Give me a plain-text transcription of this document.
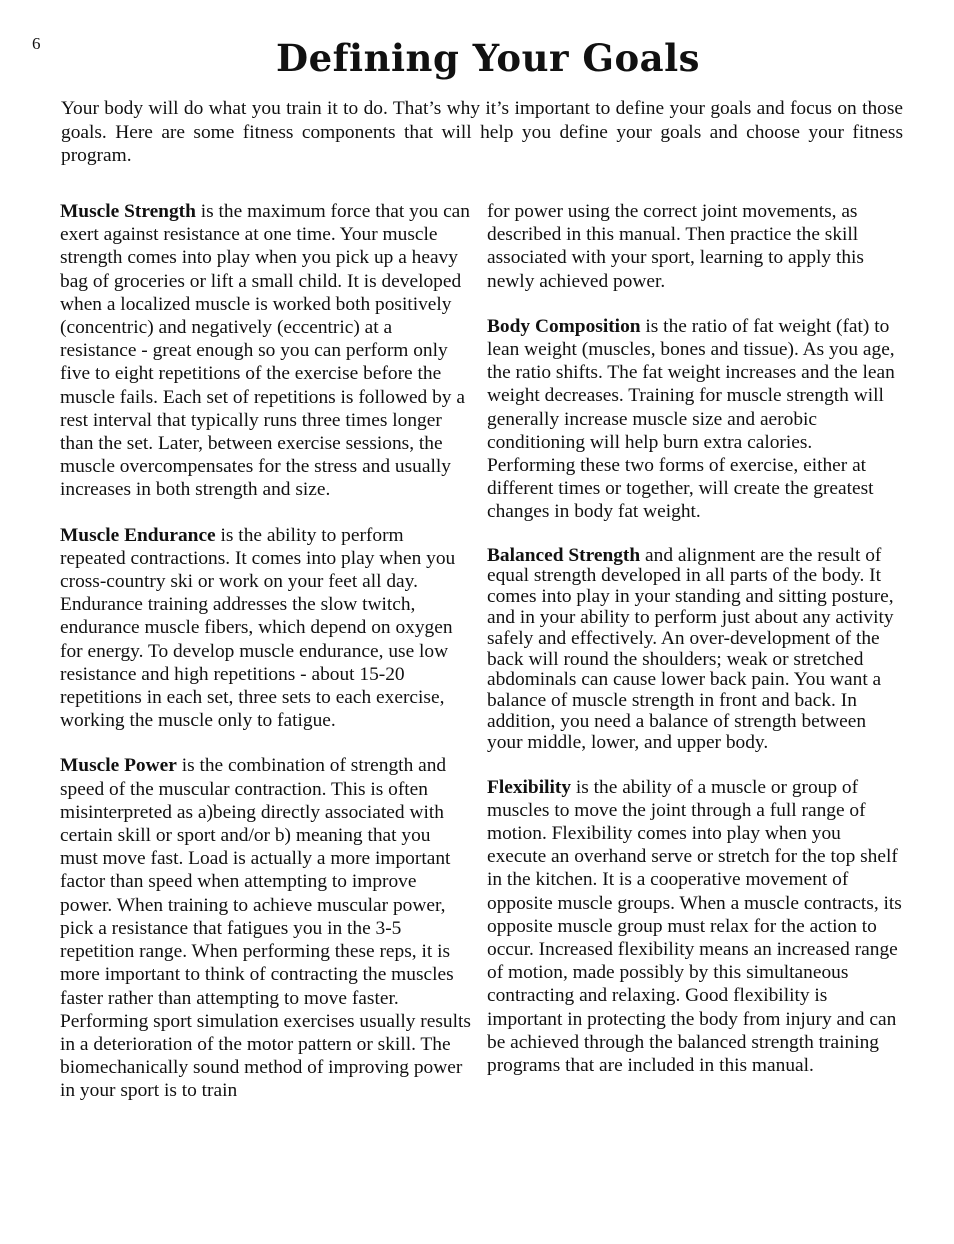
6	Defining Your Goals

Your body will do what you train it to do. That’s why it’s important to define your goals and focus on those goals. Here are some fitness components that will help you define your goals and choose your fitness program.

Muscle Strength is the maximum force that you can exert against resistance at one time. Your muscle strength comes into play when you pick up a heavy bag of groceries or lift a small child. It is developed when a localized muscle is worked both positively (concentric) and negatively (eccentric) at a resistance - great enough so you can perform only five to eight repetitions of the exercise before the muscle fails. Each set of repetitions is followed by a rest interval that typically runs three times longer than the set. Later, between exercise sessions, the muscle overcompensates for the stress and usually increases in both strength and size.

Muscle Endurance is the ability to perform repeated contractions. It comes into play when you cross-country ski or work on your feet all day. Endurance training addresses the slow twitch, endurance muscle fibers, which depend on oxygen for energy. To develop muscle endurance, use low resistance and high repetitions - about 15-20 repetitions in each set, three sets to each exercise, working the muscle only to fatigue.

Muscle Power is the combination of strength and speed of the muscular contraction. This is often misinterpreted as a)being directly associated with certain skill or sport and/or b) meaning that you must move fast. Load is actually a more important factor than speed when attempting to improve power. When training to achieve muscular power, pick a resistance that fatigues you in the 3-5 repetition range. When performing these reps, it is more important to think of contracting the muscles faster rather than attempting to move faster. Performing sport simulation exercises usually results in a deterioration of the motor pattern or skill. The biomechanically sound method of improving power in your sport is to train

for power using the correct joint movements, as described in this manual. Then practice the skill associated with your sport, learning to apply this newly achieved power.

Body Composition is the ratio of fat weight (fat) to lean weight (muscles, bones and tissue). As you age, the ratio shifts. The fat weight increases and the lean weight decreases. Training for muscle strength will generally increase muscle size and aerobic conditioning will help burn extra calories. Performing these two forms of exercise, either at different times or together, will create the greatest changes in body fat weight.

Balanced Strength and alignment are the result of equal strength developed in all parts of the body. It comes into play in your standing and sitting posture, and in your ability to perform just about any activity safely and effectively. An over-development of the back will round the shoulders; weak or stretched abdominals can cause lower back pain. You want a balance of muscle strength in front and back. In addition, you need a balance of strength between your middle, lower, and upper body.

Flexibility is the ability of a muscle or group of muscles to move the joint through a full range of motion. Flexibility comes into play when you execute an overhand serve or stretch for the top shelf in the kitchen. It is a cooperative movement of opposite muscle groups. When a muscle contracts, its opposite muscle group must relax for the action to occur. Increased flexibility means an increased range of motion, made possibly by this simultaneous contracting and relaxing. Good flexibility is important in protecting the body from injury and can be achieved through the balanced strength training programs that are included in this manual.
